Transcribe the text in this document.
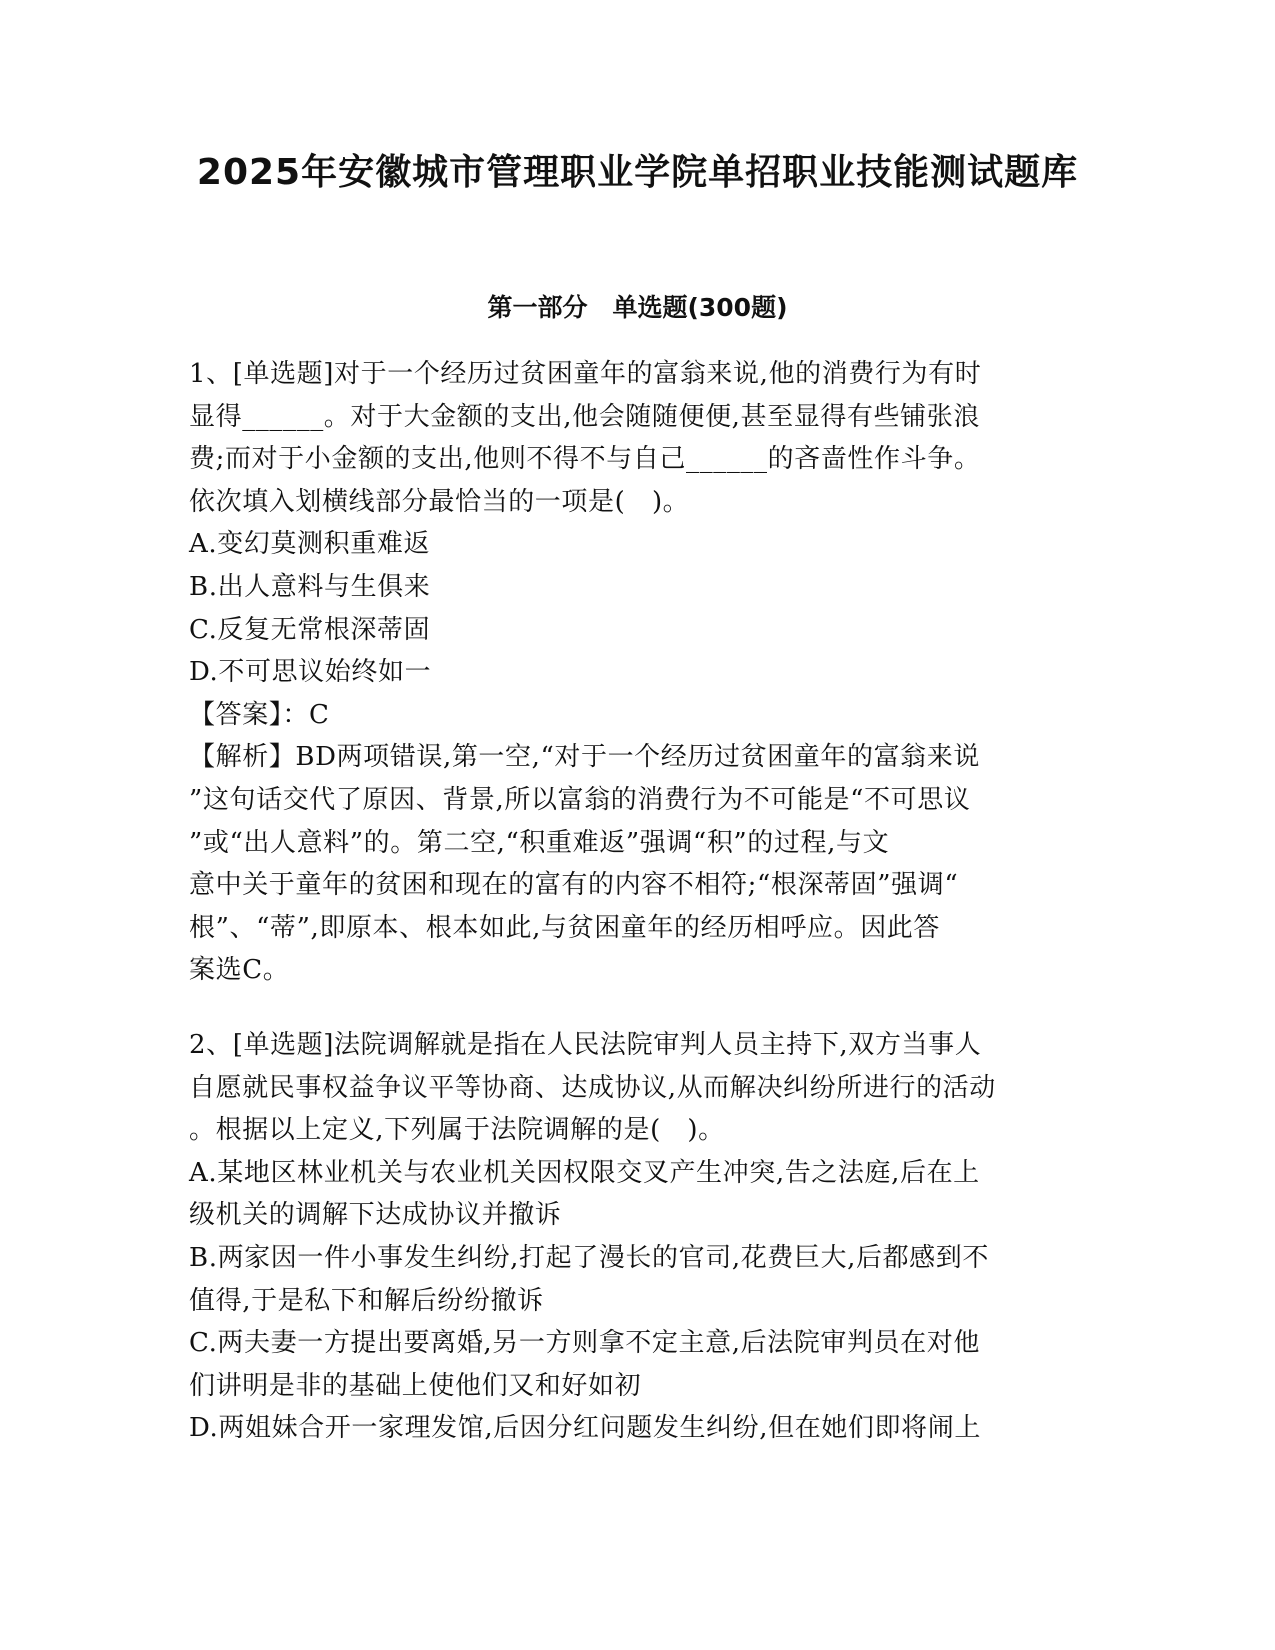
2025年安徽城市管理职业学院单招职业技能测试题库
第一部分　单选题(300题)
1、[单选题]对于一个经历过贫困童年的富翁来说,他的消费行为有时
显得______。对于大金额的支出,他会随随便便,甚至显得有些铺张浪
费;而对于小金额的支出,他则不得不与自己______的吝啬性作斗争。
依次填入划横线部分最恰当的一项是(　)。
A.变幻莫测积重难返
B.出人意料与生俱来
C.反复无常根深蒂固
D.不可思议始终如一
【答案】：C
【解析】BD两项错误,第一空,“对于一个经历过贫困童年的富翁来说
”这句话交代了原因、背景,所以富翁的消费行为不可能是“不可思议
”或“出人意料”的。第二空,“积重难返”强调“积”的过程,与文
意中关于童年的贫困和现在的富有的内容不相符;“根深蒂固”强调“
根”、“蒂”,即原本、根本如此,与贫困童年的经历相呼应。因此答
案选C。
2、[单选题]法院调解就是指在人民法院审判人员主持下,双方当事人
自愿就民事权益争议平等协商、达成协议,从而解决纠纷所进行的活动
。根据以上定义,下列属于法院调解的是(　)。
A.某地区林业机关与农业机关因权限交叉产生冲突,告之法庭,后在上
级机关的调解下达成协议并撤诉
B.两家因一件小事发生纠纷,打起了漫长的官司,花费巨大,后都感到不
值得,于是私下和解后纷纷撤诉
C.两夫妻一方提出要离婚,另一方则拿不定主意,后法院审判员在对他
们讲明是非的基础上使他们又和好如初
D.两姐妹合开一家理发馆,后因分红问题发生纠纷,但在她们即将闹上
